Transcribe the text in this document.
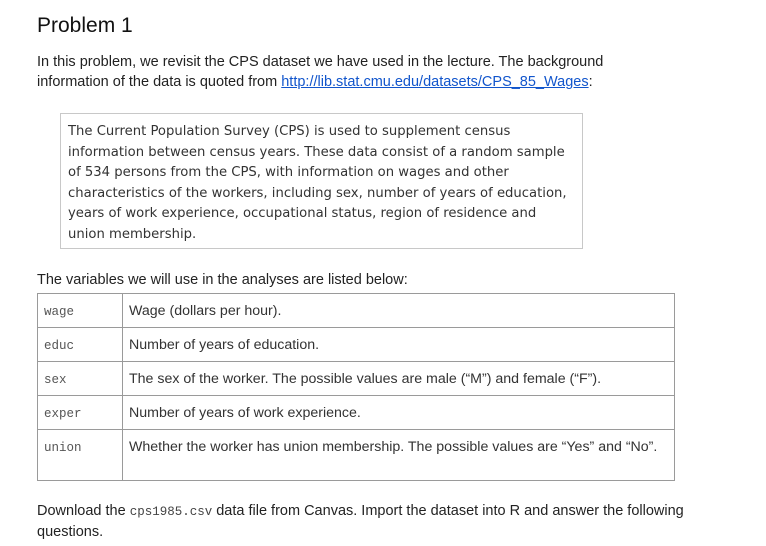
Problem 1

In this problem, we revisit the CPS dataset we have used in the lecture. The background information of the data is quoted from http://lib.stat.cmu.edu/datasets/CPS_85_Wages:

The Current Population Survey (CPS) is used to supplement census information between census years. These data consist of a random sample of 534 persons from the CPS, with information on wages and other characteristics of the workers, including sex, number of years of education, years of work experience, occupational status, region of residence and union membership.

The variables we will use in the analyses are listed below:

wage	Wage (dollars per hour).
educ	Number of years of education.
sex	The sex of the worker. The possible values are male (“M”) and female (“F”).
exper	Number of years of work experience.
union	Whether the worker has union membership. The possible values are “Yes” and “No”.

Download the cps1985.csv data file from Canvas. Import the dataset into R and answer the following questions.
